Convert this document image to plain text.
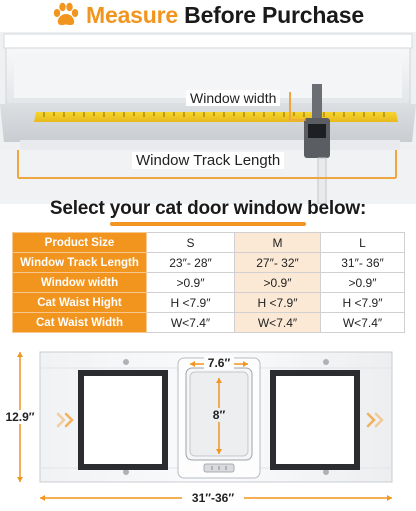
Measure Before Purchase
Window width
Window Track Length
Select your cat door window below:
Product Size	S	M	L
Window Track Length	23″- 28″	27″- 32″	31″- 36″
Window width	>0.9″	>0.9″	>0.9″
Cat Waist Hight	H <7.9″	H <7.9″	H <7.9″
Cat Waist Width	W<7.4″	W<7.4″	W<7.4″
7.6″
8″
12.9″
31″-36″
